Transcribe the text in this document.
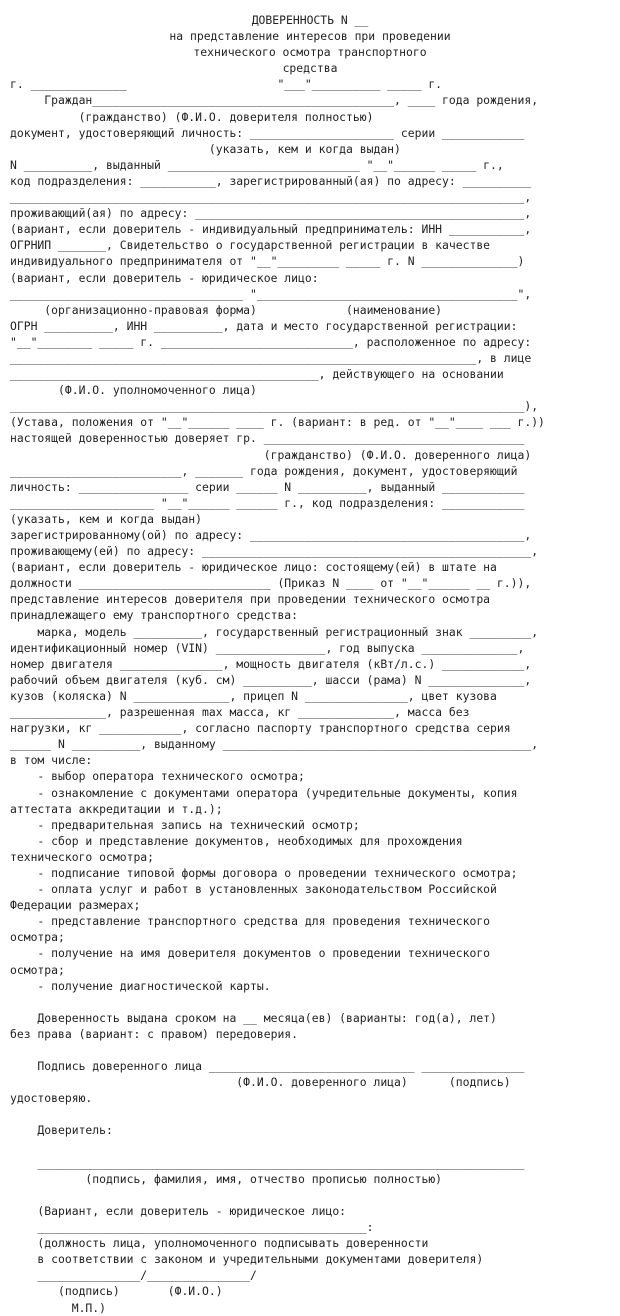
ДОВЕРЕННОСТЬ N __
на представление интересов при проведении
технического осмотра транспортного
средства
г. ______________                      "___"__________ _____ г.
Граждан____________________________________________, ____ года рождения,
(гражданство) (Ф.И.О. доверителя полностью)
документ, удостоверяющий личность: _____________________ серии ____________
(указать, кем и когда выдан)
N __________, выданный ____________________________ "__"______ _____ г.,
код подразделения: ___________, зарегистрированный(ая) по адресу: __________
___________________________________________________________________________,
проживающий(ая) по адресу: ________________________________________________,
(вариант, если доверитель - индивидуальный предприниматель: ИНН ___________,
ОГРНИП _______, Свидетельство о государственной регистрации в качестве
индивидуального предпринимателя от "__"_________ _____ г. N ______________)
(вариант, если доверитель - юридическое лицо:
__________________________________ "______________________________________",
(организационно-правовая форма)             (наименование)
ОГРН __________, ИНН __________, дата и место государственной регистрации:
"__"________ _____ г. ____________________________, расположенное по адресу:
____________________________________________________________________, в лице
_____________________________________________, действующего на основании
(Ф.И.О. уполномоченного лица)
___________________________________________________________________________),
(Устава, положения от "__"______ ____ г. (вариант: в ред. от "__"____ ___ г.))
настоящей доверенностью доверяет гр. ______________________________________
(гражданство) (Ф.И.О. доверенного лица)
_________________________, _______ года рождения, документ, удостоверяющий
личность: ________________ серии ______ N __________, выданный ____________
_____________________ "__"______ ______ г., код подразделения: ____________
(указать, кем и когда выдан)
зарегистрированному(ой) по адресу: ________________________________________,
проживающему(ей) по адресу: ________________________________________________,
(вариант, если доверитель - юридическое лицо: состоящему(ей) в штате на
должности ____________________________ (Приказ N ____ от "__"______ __ г.)),
представление интересов доверителя при проведении технического осмотра
принадлежащего ему транспортного средства:
марка, модель __________, государственный регистрационный знак _________,
идентификационный номер (VIN) ________________, год выпуска ______________,
номер двигателя _______________, мощность двигателя (кВт/л.с.) ____________,
рабочий объем двигателя (куб. см) __________, шасси (рама) N ______________,
кузов (коляска) N ______________, прицеп N _______________, цвет кузова
______________, разрешенная max масса, кг ______________, масса без
нагрузки, кг ____________, согласно паспорту транспортного средства серия
______ N __________, выданному _____________________________________________,
в том числе:
- выбор оператора технического осмотра;
- ознакомление с документами оператора (учредительные документы, копия
аттестата аккредитации и т.д.);
- предварительная запись на технический осмотр;
- сбор и представление документов, необходимых для прохождения
технического осмотра;
- подписание типовой формы договора о проведении технического осмотра;
- оплата услуг и работ в установленных законодательством Российской
Федерации размерах;
- представление транспортного средства для проведения технического
осмотра;
- получение на имя доверителя документов о проведении технического
осмотра;
- получение диагностической карты.
Доверенность выдана сроком на __ месяца(ев) (варианты: год(а), лет)
без права (вариант: с правом) передоверия.
Подпись доверенного лица ______________________________ _______________
(Ф.И.О. доверенного лица)      (подпись)
удостоверяю.
Доверитель:
_______________________________________________________________________
(подпись, фамилия, имя, отчество прописью полностью)
(Вариант, если доверитель - юридическое лицо:
________________________________________________:
(должность лица, уполномоченного подписывать доверенности
в соответствии с законом и учредительными документами доверителя)
_______________/_______________/
(подпись)       (Ф.И.О.)
М.П.)
